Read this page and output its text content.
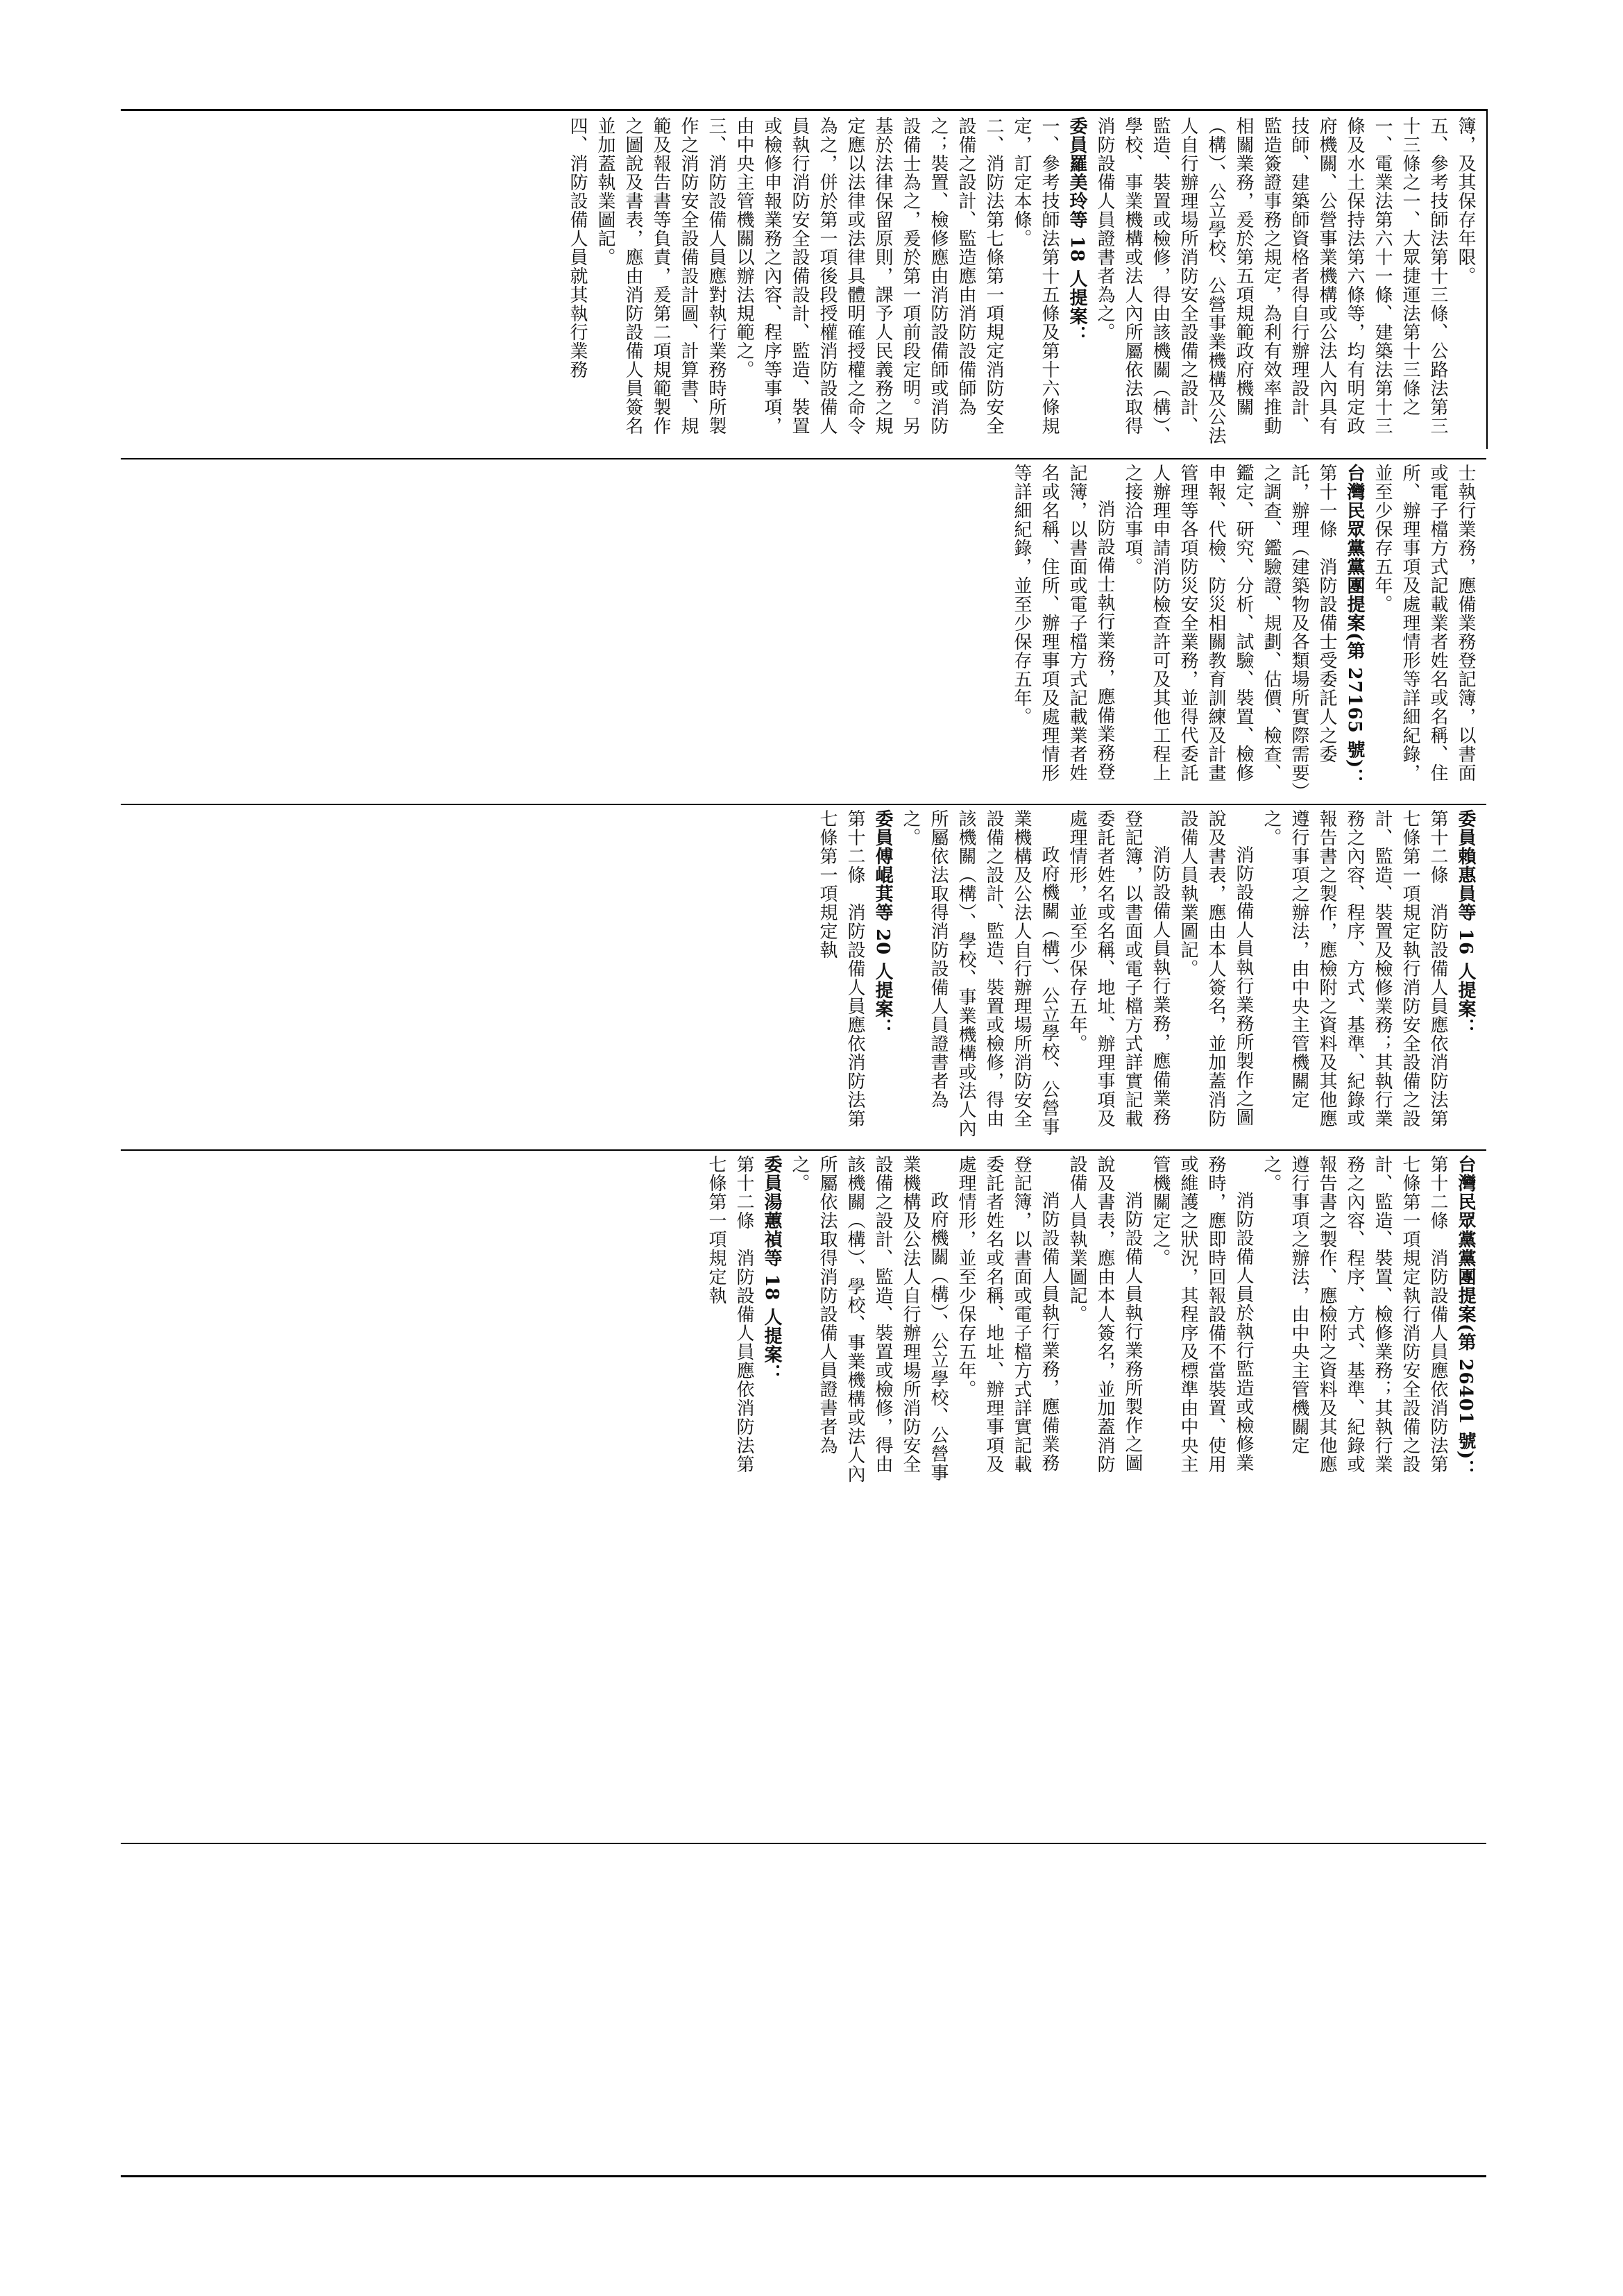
簿，及其保存年限。

五、參考技師法第十三條、公路法第三十三條之一、大眾捷運法第十三條之一、電業法第六十一條、建築法第十三條及水土保持法第六條等，均有明定政府機關、公營事業機構或公法人內具有技師、建築師資格者得自行辦理設計、監造簽證事務之規定，為利有效率推動相關業務，爰於第五項規範政府機關（構）、公立學校、公營事業機構及公法人自行辦理場所消防安全設備之設計、監造、裝置或檢修，得由該機關（構）、學校、事業機構或法人內所屬依法取得消防設備人員證書者為之。

委員羅美玲等 18 人提案：

一、參考技師法第十五條及第十六條規定，訂定本條。

二、消防法第七條第一項規定消防安全設備之設計、監造應由消防設備師為之；裝置、檢修應由消防設備師或消防設備士為之，爰於第一項前段定明。另基於法律保留原則，課予人民義務之規定應以法律或法律具體明確授權之命令為之，併於第一項後段授權消防設備人員執行消防安全設備設計、監造、裝置或檢修申報業務之內容、程序等事項，由中央主管機關以辦法規範之。

三、消防設備人員應對執行業務時所製作之消防安全設備設計圖、計算書、規範及報告書等負責，爰第二項規範製作之圖說及書表，應由消防設備人員簽名並加蓋執業圖記。

四、消防設備人員就其執行業務

士執行業務，應備業務登記簿，以書面或電子檔方式記載業者姓名或名稱、住所、辦理事項及處理情形等詳細紀錄，並至少保存五年。

台灣民眾黨黨團提案(第 27165 號)：

第十一條　消防設備士受委託人之委託，辦理（建築物及各類場所實際需要）之調查、鑑驗證、規劃、估價、檢查、鑑定、研究、分析、試驗、裝置、檢修申報、代檢、防災相關教育訓練及計畫管理等各項防災安全業務，並得代委託人辦理申請消防檢查許可及其他工程上之接洽事項。

消防設備士執行業務，應備業務登記簿，以書面或電子檔方式記載業者姓名或名稱、住所、辦理事項及處理情形等詳細紀錄，並至少保存五年。

委員賴惠員等 16 人提案：

第十二條　消防設備人員應依消防法第七條第一項規定執行消防安全設備之設計、監造、裝置及檢修業務；其執行業務之內容、程序、方式、基準、紀錄或報告書之製作，應檢附之資料及其他應遵行事項之辦法，由中央主管機關定之。

消防設備人員執行業務所製作之圖說及書表，應由本人簽名，並加蓋消防設備人員執業圖記。

消防設備人員執行業務，應備業務登記簿，以書面或電子檔方式詳實記載委託者姓名或名稱、地址、辦理事項及處理情形，並至少保存五年。

政府機關（構）、公立學校、公營事業機構及公法人自行辦理場所消防安全設備之設計、監造、裝置或檢修，得由該機關（構）、學校、事業機構或法人內所屬依法取得消防設備人員證書者為之。

委員傅崐萁等 20 人提案：

第十二條　消防設備人員應依消防法第七條第一項規定執

台灣民眾黨黨團提案(第 26401 號)：

第十二條　消防設備人員應依消防法第七條第一項規定執行消防安全設備之設計、監造、裝置、檢修業務；其執行業務之內容、程序、方式、基準、紀錄或報告書之製作、應檢附之資料及其他應遵行事項之辦法，由中央主管機關定之。

消防設備人員於執行監造或檢修業務時，應即時回報設備不當裝置、使用或維護之狀況，其程序及標準由中央主管機關定之。

消防設備人員執行業務所製作之圖說及書表，應由本人簽名，並加蓋消防設備人員執業圖記。

消防設備人員執行業務，應備業務登記簿，以書面或電子檔方式詳實記載委託者姓名或名稱、地址、辦理事項及處理情形，並至少保存五年。

政府機關（構）、公立學校、公營事業機構及公法人自行辦理場所消防安全設備之設計、監造、裝置或檢修，得由該機關（構）、學校、事業機構或法人內所屬依法取得消防設備人員證書者為之。

委員湯蕙禎等 18 人提案：

第十二條　消防設備人員應依消防法第七條第一項規定執
